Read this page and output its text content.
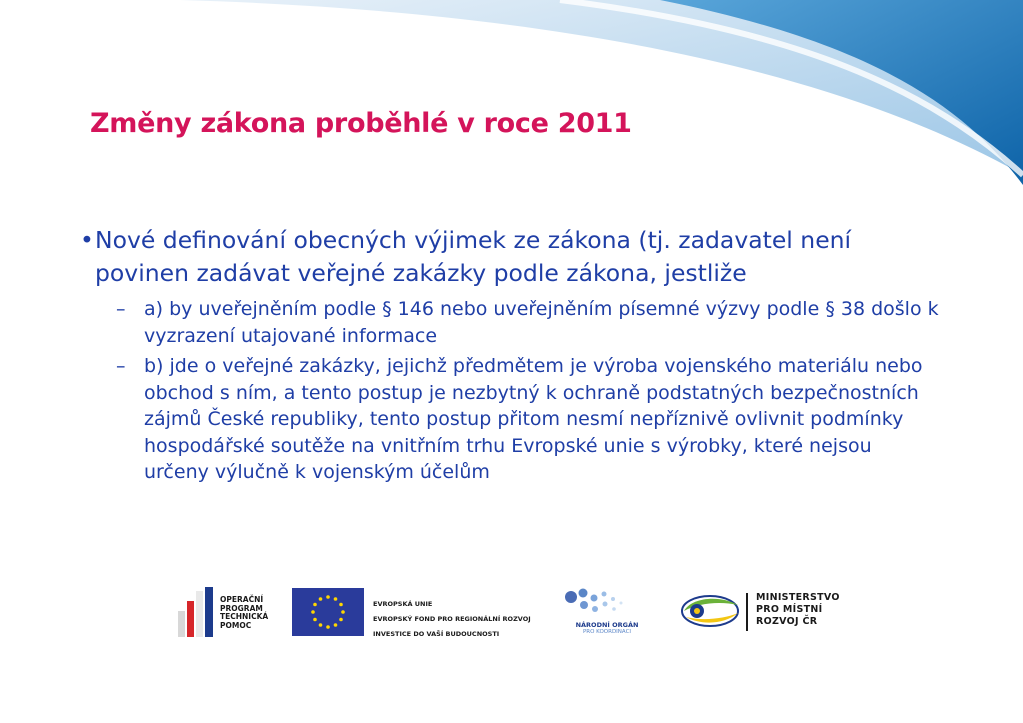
Změny zákona proběhlé v roce 2011
• Nové definování obecných výjimek ze zákona (tj. zadavatel není povinen zadávat veřejné zakázky podle zákona, jestliže
– a) by uveřejněním podle § 146 nebo uveřejněním písemné výzvy podle § 38 došlo k vyzrazení utajované informace
– b) jde o veřejné zakázky, jejichž předmětem je výroba vojenského materiálu nebo obchod s ním, a tento postup je nezbytný k ochraně podstatných bezpečnostních zájmů České republiky, tento postup přitom nesmí nepříznivě ovlivnit podmínky hospodářské soutěže na vnitřním trhu Evropské unie s výrobky, které nejsou určeny výlučně k vojenským účelům
OPERAČNÍ
PROGRAM
TECHNICKÁ
POMOC
EVROPSKÁ UNIE
EVROPSKÝ FOND PRO REGIONÁLNÍ ROZVOJ
INVESTICE DO VAŠÍ BUDOUCNOSTI
NÁRODNÍ ORGÁN
PRO KOORDINACI
MINISTERSTVO
PRO MÍSTNÍ
ROZVOJ ČR
